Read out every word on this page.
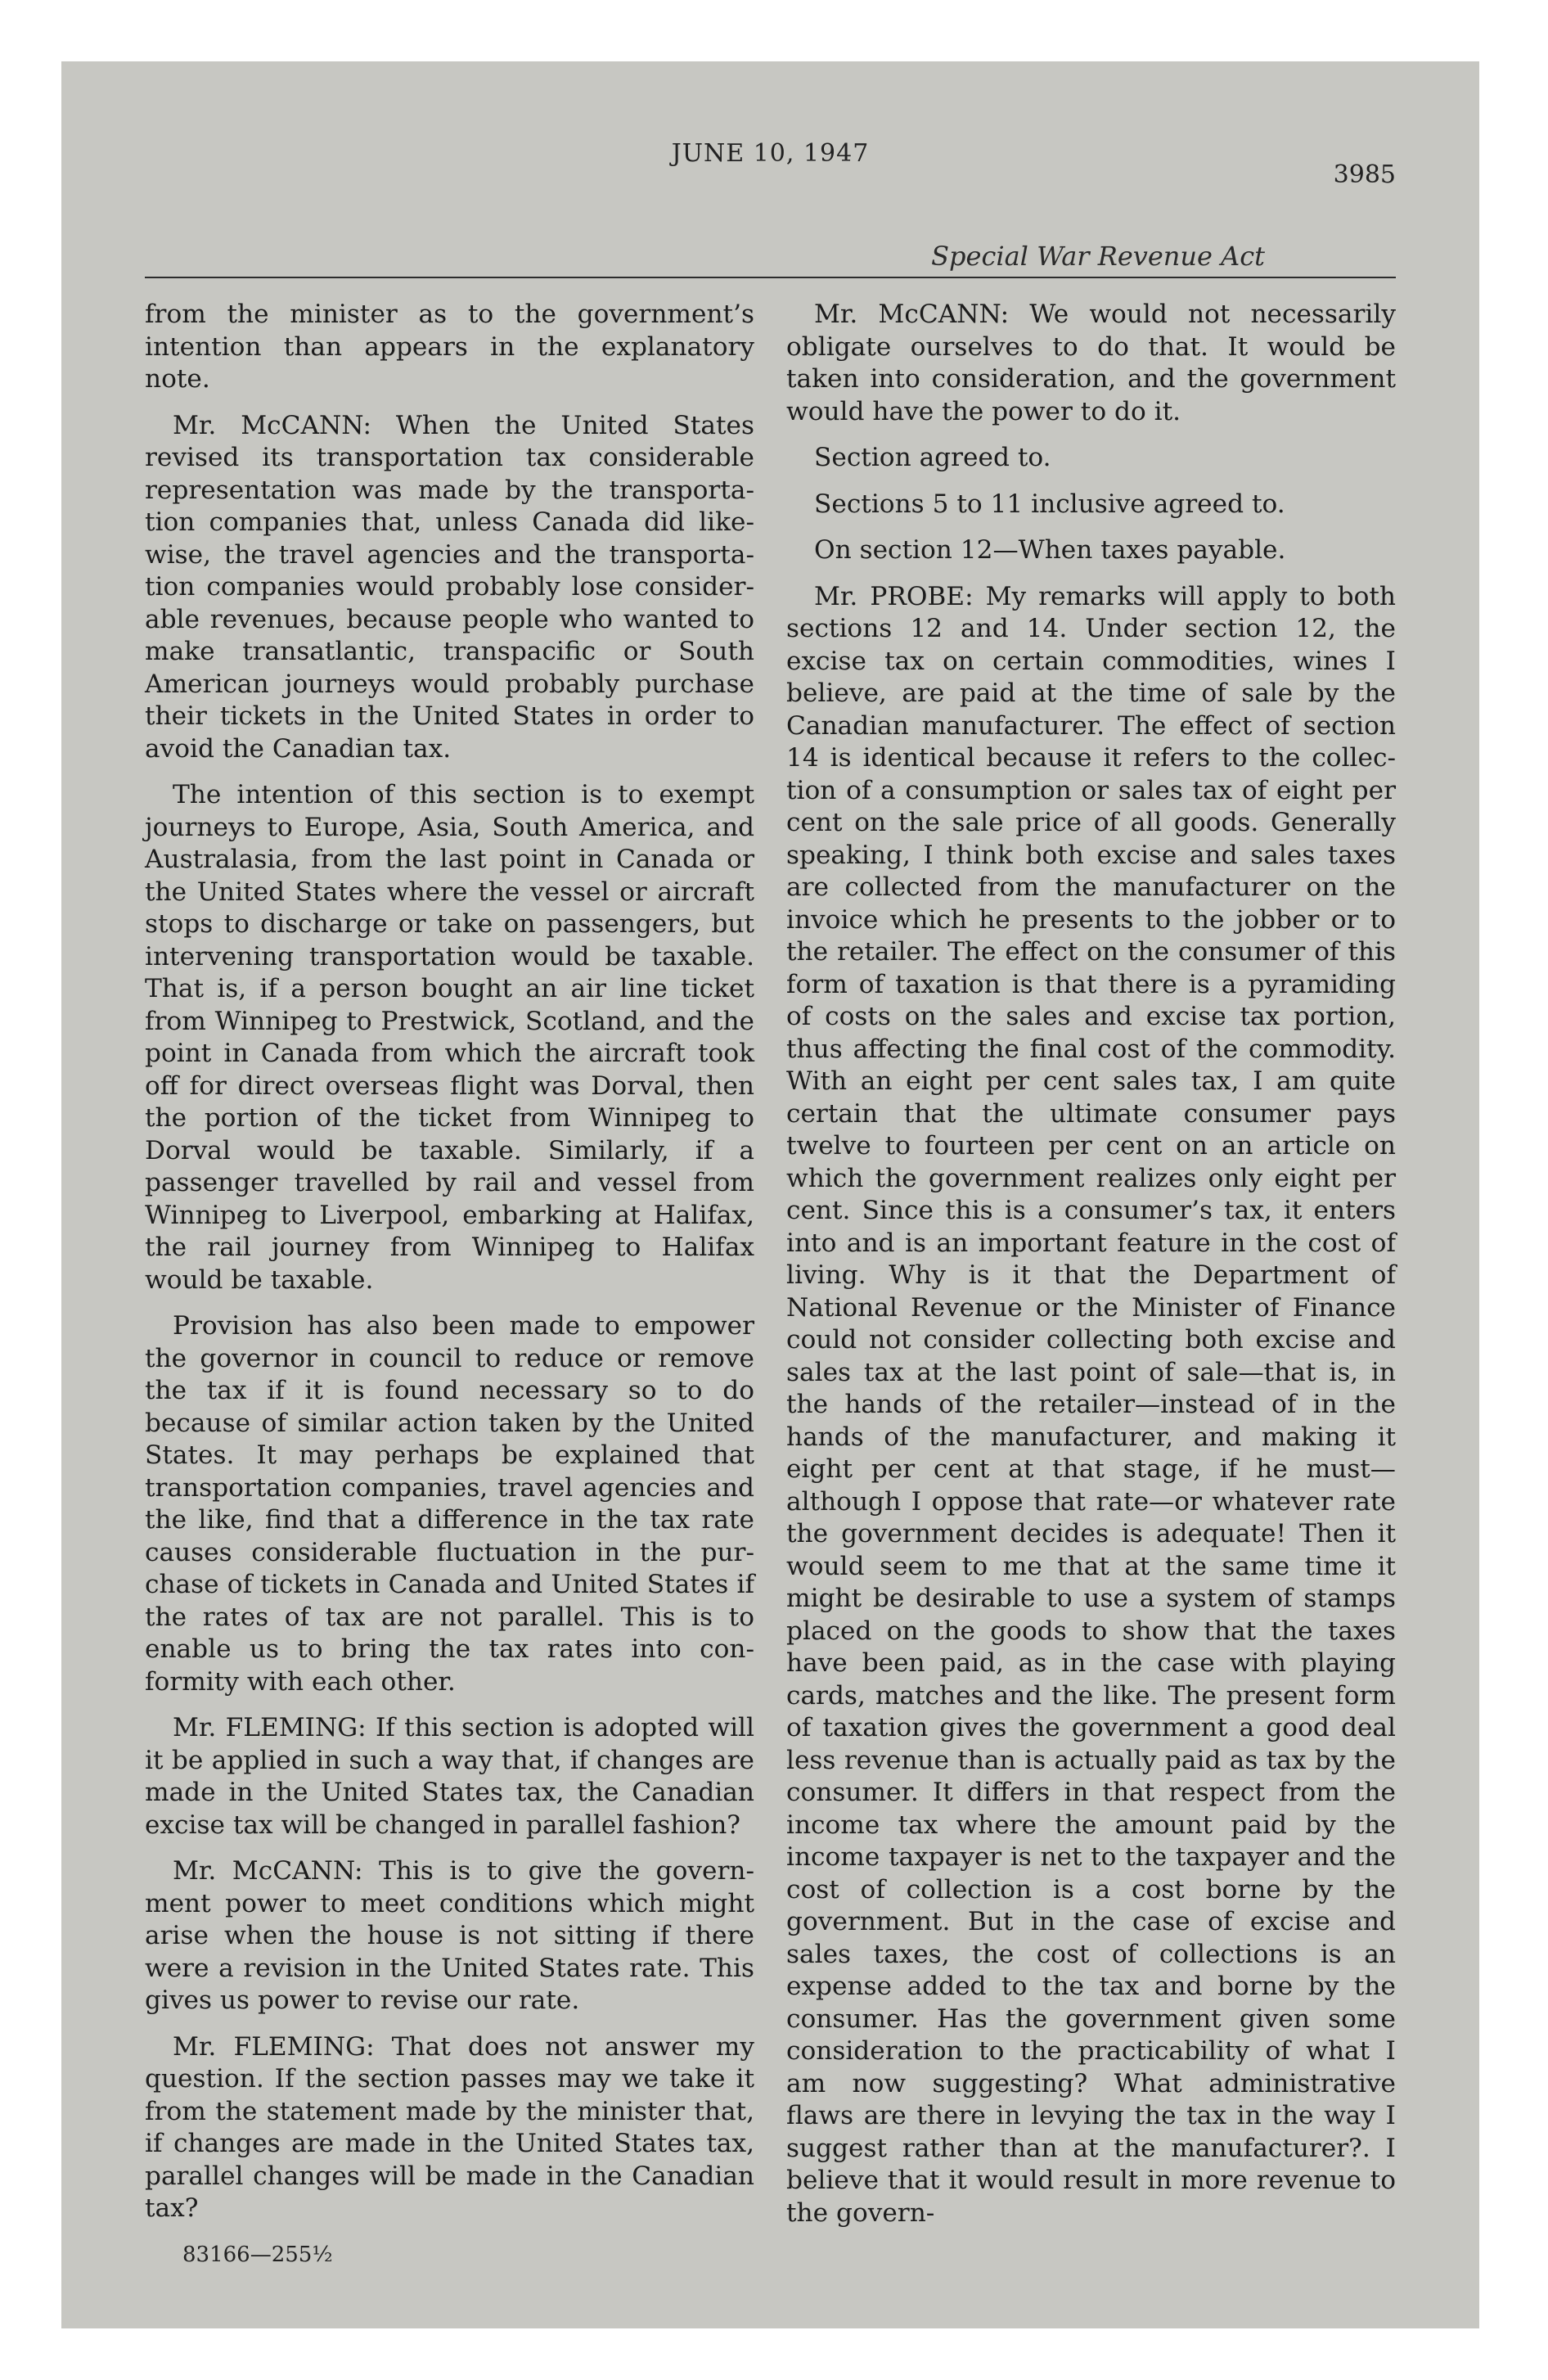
JUNE 10, 1947
3985
Special War Revenue Act

from the minister as to the government’s intention than appears in the explanatory note.

Mr. McCANN: When the United States revised its transportation tax considerable representation was made by the transportation companies that, unless Canada did likewise, the travel agencies and the transportation companies would probably lose considerable revenues, because people who wanted to make transatlantic, transpacific or South American journeys would probably purchase their tickets in the United States in order to avoid the Canadian tax.

The intention of this section is to exempt journeys to Europe, Asia, South America, and Australasia, from the last point in Canada or the United States where the vessel or aircraft stops to discharge or take on passengers, but intervening transportation would be taxable. That is, if a person bought an air line ticket from Winnipeg to Prestwick, Scotland, and the point in Canada from which the aircraft took off for direct overseas flight was Dorval, then the portion of the ticket from Winnipeg to Dorval would be taxable. Similarly, if a passenger travelled by rail and vessel from Winnipeg to Liverpool, embarking at Halifax, the rail journey from Winnipeg to Halifax would be taxable.

Provision has also been made to empower the governor in council to reduce or remove the tax if it is found necessary so to do because of similar action taken by the United States. It may perhaps be explained that transportation companies, travel agencies and the like, find that a difference in the tax rate causes considerable fluctuation in the purchase of tickets in Canada and United States if the rates of tax are not parallel. This is to enable us to bring the tax rates into conformity with each other.

Mr. FLEMING: If this section is adopted will it be applied in such a way that, if changes are made in the United States tax, the Canadian excise tax will be changed in parallel fashion?

Mr. McCANN: This is to give the government power to meet conditions which might arise when the house is not sitting if there were a revision in the United States rate. This gives us power to revise our rate.

Mr. FLEMING: That does not answer my question. If the section passes may we take it from the statement made by the minister that, if changes are made in the United States tax, parallel changes will be made in the Canadian tax?

83166—255½

Mr. McCANN: We would not necessarily obligate ourselves to do that. It would be taken into consideration, and the government would have the power to do it.

Section agreed to.

Sections 5 to 11 inclusive agreed to.

On section 12—When taxes payable.

Mr. PROBE: My remarks will apply to both sections 12 and 14. Under section 12, the excise tax on certain commodities, wines I believe, are paid at the time of sale by the Canadian manufacturer. The effect of section 14 is identical because it refers to the collection of a consumption or sales tax of eight per cent on the sale price of all goods. Generally speaking, I think both excise and sales taxes are collected from the manufacturer on the invoice which he presents to the jobber or to the retailer. The effect on the consumer of this form of taxation is that there is a pyramiding of costs on the sales and excise tax portion, thus affecting the final cost of the commodity. With an eight per cent sales tax, I am quite certain that the ultimate consumer pays twelve to fourteen per cent on an article on which the government realizes only eight per cent. Since this is a consumer’s tax, it enters into and is an important feature in the cost of living. Why is it that the Department of National Revenue or the Minister of Finance could not consider collecting both excise and sales tax at the last point of sale—that is, in the hands of the retailer—instead of in the hands of the manufacturer, and making it eight per cent at that stage, if he must—although I oppose that rate—or whatever rate the government decides is adequate! Then it would seem to me that at the same time it might be desirable to use a system of stamps placed on the goods to show that the taxes have been paid, as in the case with playing cards, matches and the like. The present form of taxation gives the government a good deal less revenue than is actually paid as tax by the consumer. It differs in that respect from the income tax where the amount paid by the income taxpayer is net to the taxpayer and the cost of collection is a cost borne by the government. But in the case of excise and sales taxes, the cost of collections is an expense added to the tax and borne by the consumer. Has the government given some consideration to the practicability of what I am now suggesting? What administrative flaws are there in levying the tax in the way I suggest rather than at the manufacturer?. I believe that it would result in more revenue to the govern-
